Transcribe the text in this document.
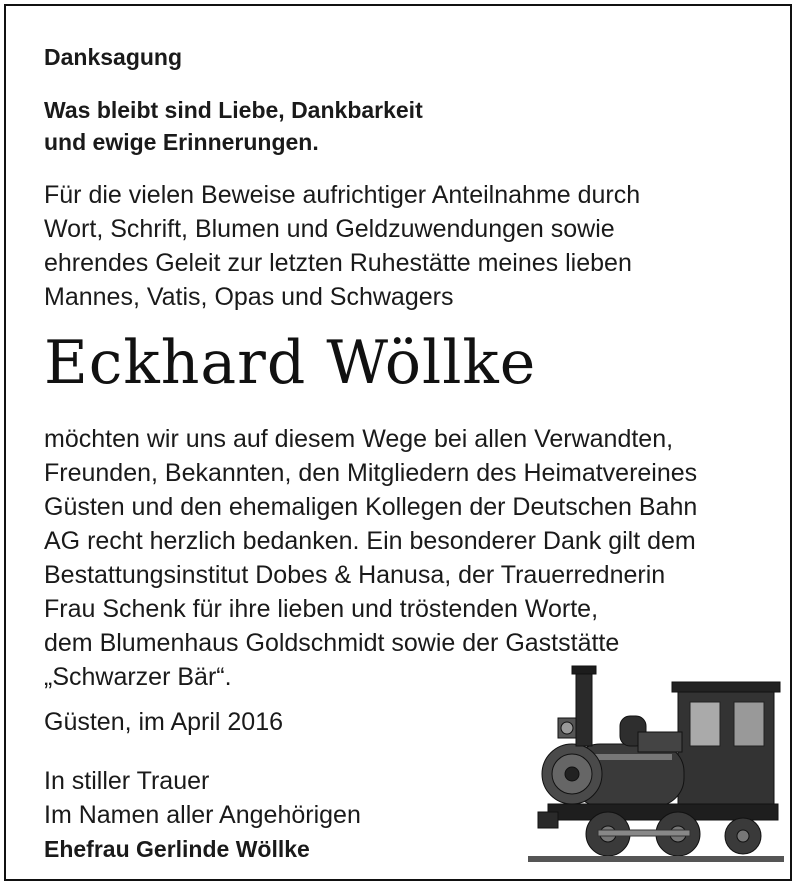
Danksagung

Was bleibt sind Liebe, Dankbarkeit
und ewige Erinnerungen.
Für die vielen Beweise aufrichtiger Anteilnahme durch
Wort, Schrift, Blumen und Geldzuwendungen sowie
ehrendes Geleit zur letzten Ruhestätte meines lieben
Mannes, Vatis, Opas und Schwagers

Eckhard Wöllke

möchten wir uns auf diesem Wege bei allen Verwandten,
Freunden, Bekannten, den Mitgliedern des Heimatvereines
Güsten und den ehemaligen Kollegen der Deutschen Bahn
AG recht herzlich bedanken. Ein besonderer Dank gilt dem
Bestattungsinstitut Dobes & Hanusa, der Trauerrednerin
Frau Schenk für ihre lieben und tröstenden Worte,
dem Blumenhaus Goldschmidt sowie der Gaststätte
„Schwarzer Bär“.

Güsten, im April 2016

In stiller Trauer
Im Namen aller Angehörigen
Ehefrau Gerlinde Wöllke
